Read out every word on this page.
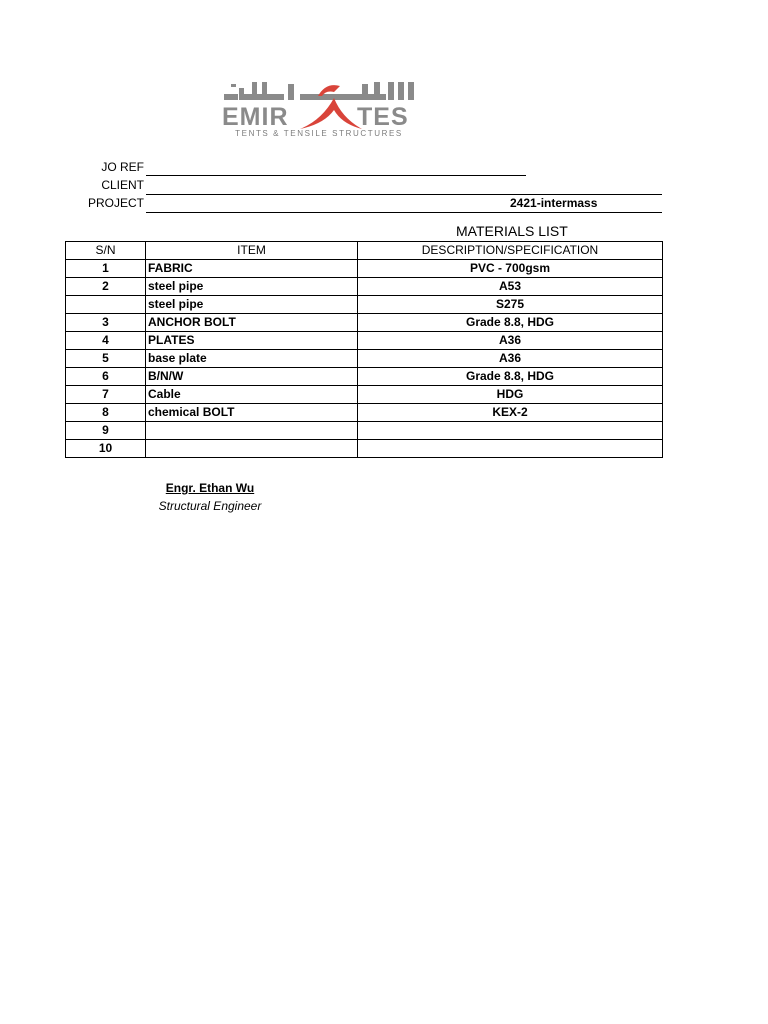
EMIR	TES
TENTS & TENSILE STRUCTURES
JO REF
CLIENT
PROJECT	2421-intermass
MATERIALS LIST
S/N	ITEM	DESCRIPTION/SPECIFICATION
1	FABRIC	PVC - 700gsm
2	steel pipe	A53
	steel pipe	S275
3	ANCHOR BOLT	Grade 8.8, HDG
4	PLATES	A36
5	base plate	A36
6	B/N/W	Grade 8.8, HDG
7	Cable	HDG
8	chemical BOLT	KEX-2
9		
10		
Engr. Ethan Wu
Structural Engineer
